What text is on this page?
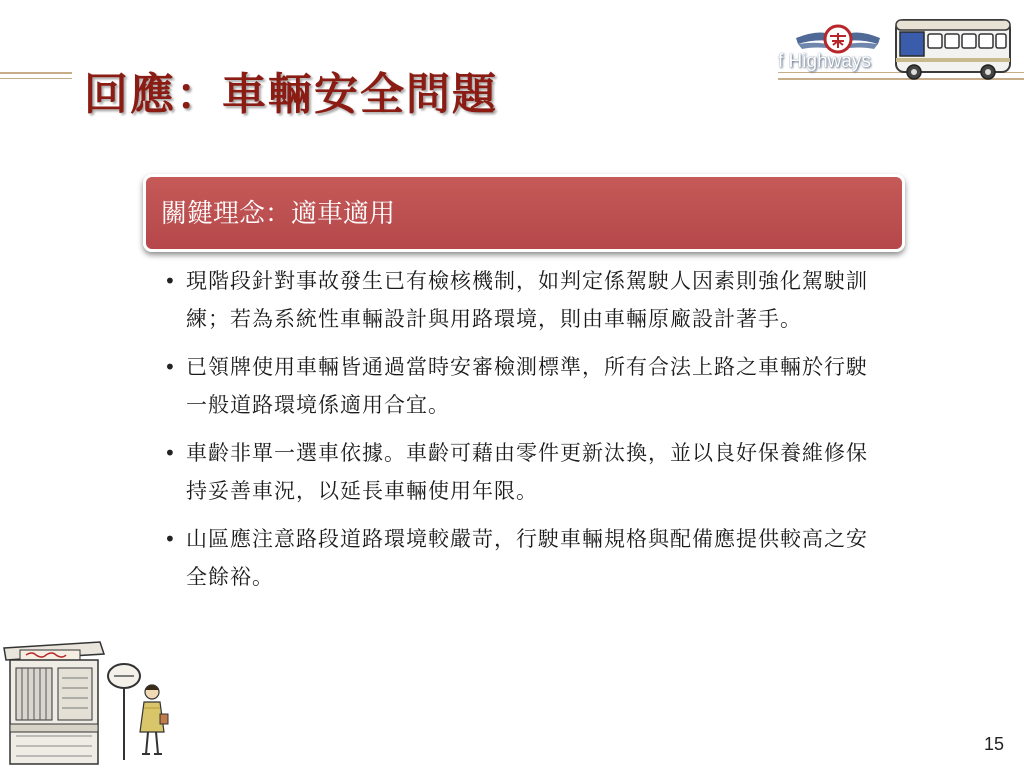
回應：車輛安全問題
f Highways
關鍵理念：適車適用
• 現階段針對事故發生已有檢核機制，如判定係駕駛人因素則強化駕駛訓練；若為系統性車輛設計與用路環境，則由車輛原廠設計著手。
• 已領牌使用車輛皆通過當時安審檢測標準，所有合法上路之車輛於行駛一般道路環境係適用合宜。
• 車齡非單一選車依據。車齡可藉由零件更新汰換，並以良好保養維修保持妥善車況，以延長車輛使用年限。
• 山區應注意路段道路環境較嚴苛，行駛車輛規格與配備應提供較高之安全餘裕。
15
